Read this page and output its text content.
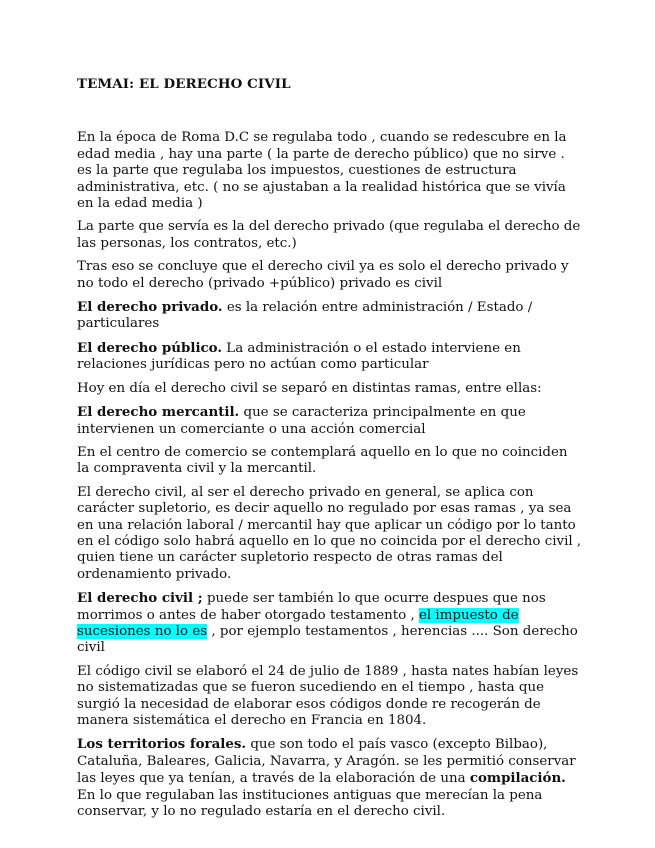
TEMAI: EL DERECHO CIVIL

En la época de Roma D.C se regulaba todo , cuando se redescubre en la edad media , hay una parte ( la parte de derecho público) que no sirve . es la parte que regulaba los impuestos, cuestiones de estructura administrativa, etc. ( no se ajustaban a la realidad histórica que se vivía en la edad media )

La parte que servía es la del derecho privado (que regulaba el derecho de las personas, los contratos, etc.)

Tras eso se concluye que el derecho civil ya es solo el derecho privado y no todo el derecho (privado +público) privado es civil

El derecho privado. es la relación entre administración / Estado / particulares

El derecho público. La administración o el estado interviene en relaciones jurídicas pero no actúan como particular

Hoy en día el derecho civil se separó en distintas ramas, entre ellas:

El derecho mercantil. que se caracteriza principalmente en que intervienen un comerciante o una acción comercial

En el centro de comercio se contemplará aquello en lo que no coinciden la compraventa civil y la mercantil.

El derecho civil, al ser el derecho privado en general, se aplica con carácter supletorio, es decir aquello no regulado por esas ramas , ya sea en una relación laboral / mercantil hay que aplicar un código por lo tanto en el código solo habrá aquello en lo que no coincida por el derecho civil , quien tiene un carácter supletorio respecto de otras ramas del ordenamiento privado.

El derecho civil ; puede ser también lo que ocurre despues que nos morrimos o antes de haber otorgado testamento , el impuesto de sucesiones no lo es , por ejemplo testamentos , herencias .... Son derecho civil

El código civil se elaboró el 24 de julio de 1889 , hasta nates habían leyes no sistematizadas que se fueron sucediendo en el tiempo , hasta que surgió la necesidad de elaborar esos códigos donde re recogerán de manera sistemática el derecho en Francia en 1804.

Los territorios forales. que son todo el país vasco (excepto Bilbao), Cataluña, Baleares, Galicia, Navarra, y Aragón. se les permitió conservar las leyes que ya tenían, a través de la elaboración de una compilación. En lo que regulaban las instituciones antiguas que merecían la pena conservar, y lo no regulado estaría en el derecho civil.
